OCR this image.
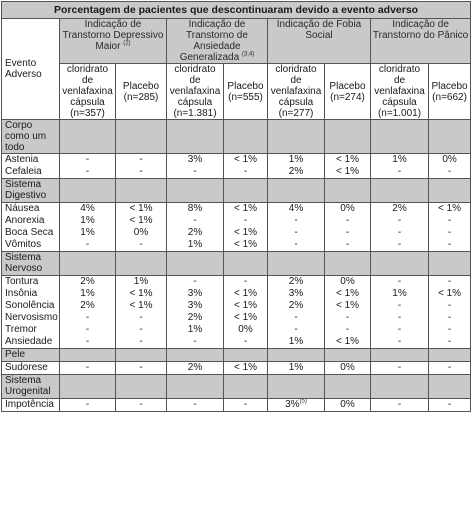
Porcentagem de pacientes que descontinuaram devido a evento adverso								
Evento Adverso	Indicação de Transtorno Depressivo Maior $^{(2)}$		Indicação de Transtorno de Ansiedade Generalizada $^{(3,4)}$		Indicação de Fobia Social		Indicação de Transtorno do Pânico	
	cloridrato de venlafaxina cápsula (n=357)	Placebo (n=285)	cloridrato de venlafaxina cápsula (n=1.381)	Placebo (n=555)	cloridrato de venlafaxina cápsula (n=277)	Placebo (n=274)	cloridrato de venlafaxina cápsula (n=1.001)	Placebo (n=662)
Corpo como um todo								
Astenia	-	-	3%	< 1%	1%	< 1%	1%	0%
Cefaleia	-	-	-	-	2%	< 1%	-	-
Sistema Digestivo								
Náusea	4%	< 1%	8%	< 1%	4%	0%	2%	< 1%
Anorexia	1%	< 1%	-	-	-	-	-	-
Boca Seca	1%	0%	2%	< 1%	-	-	-	-
Vômitos	-	-	1%	< 1%	-	-	-	-
Sistema Nervoso								
Tontura	2%	1%	-	-	2%	0%	-	-
Insônia	1%	< 1%	3%	< 1%	3%	< 1%	1%	< 1%
Sonolência	2%	< 1%	3%	< 1%	2%	< 1%	-	-
Nervosismo	-	-	2%	< 1%	-	-	-	-
Tremor	-	-	1%	0%	-	-	-	-
Ansiedade	-	-	-	-	1%	< 1%	-	-
Pele								
Sudorese	-	-	2%	< 1%	1%	0%	-	-
Sistema Urogenital								
Impotência	-	-	-	-	3%$^{(5)}$	0%	-	-
